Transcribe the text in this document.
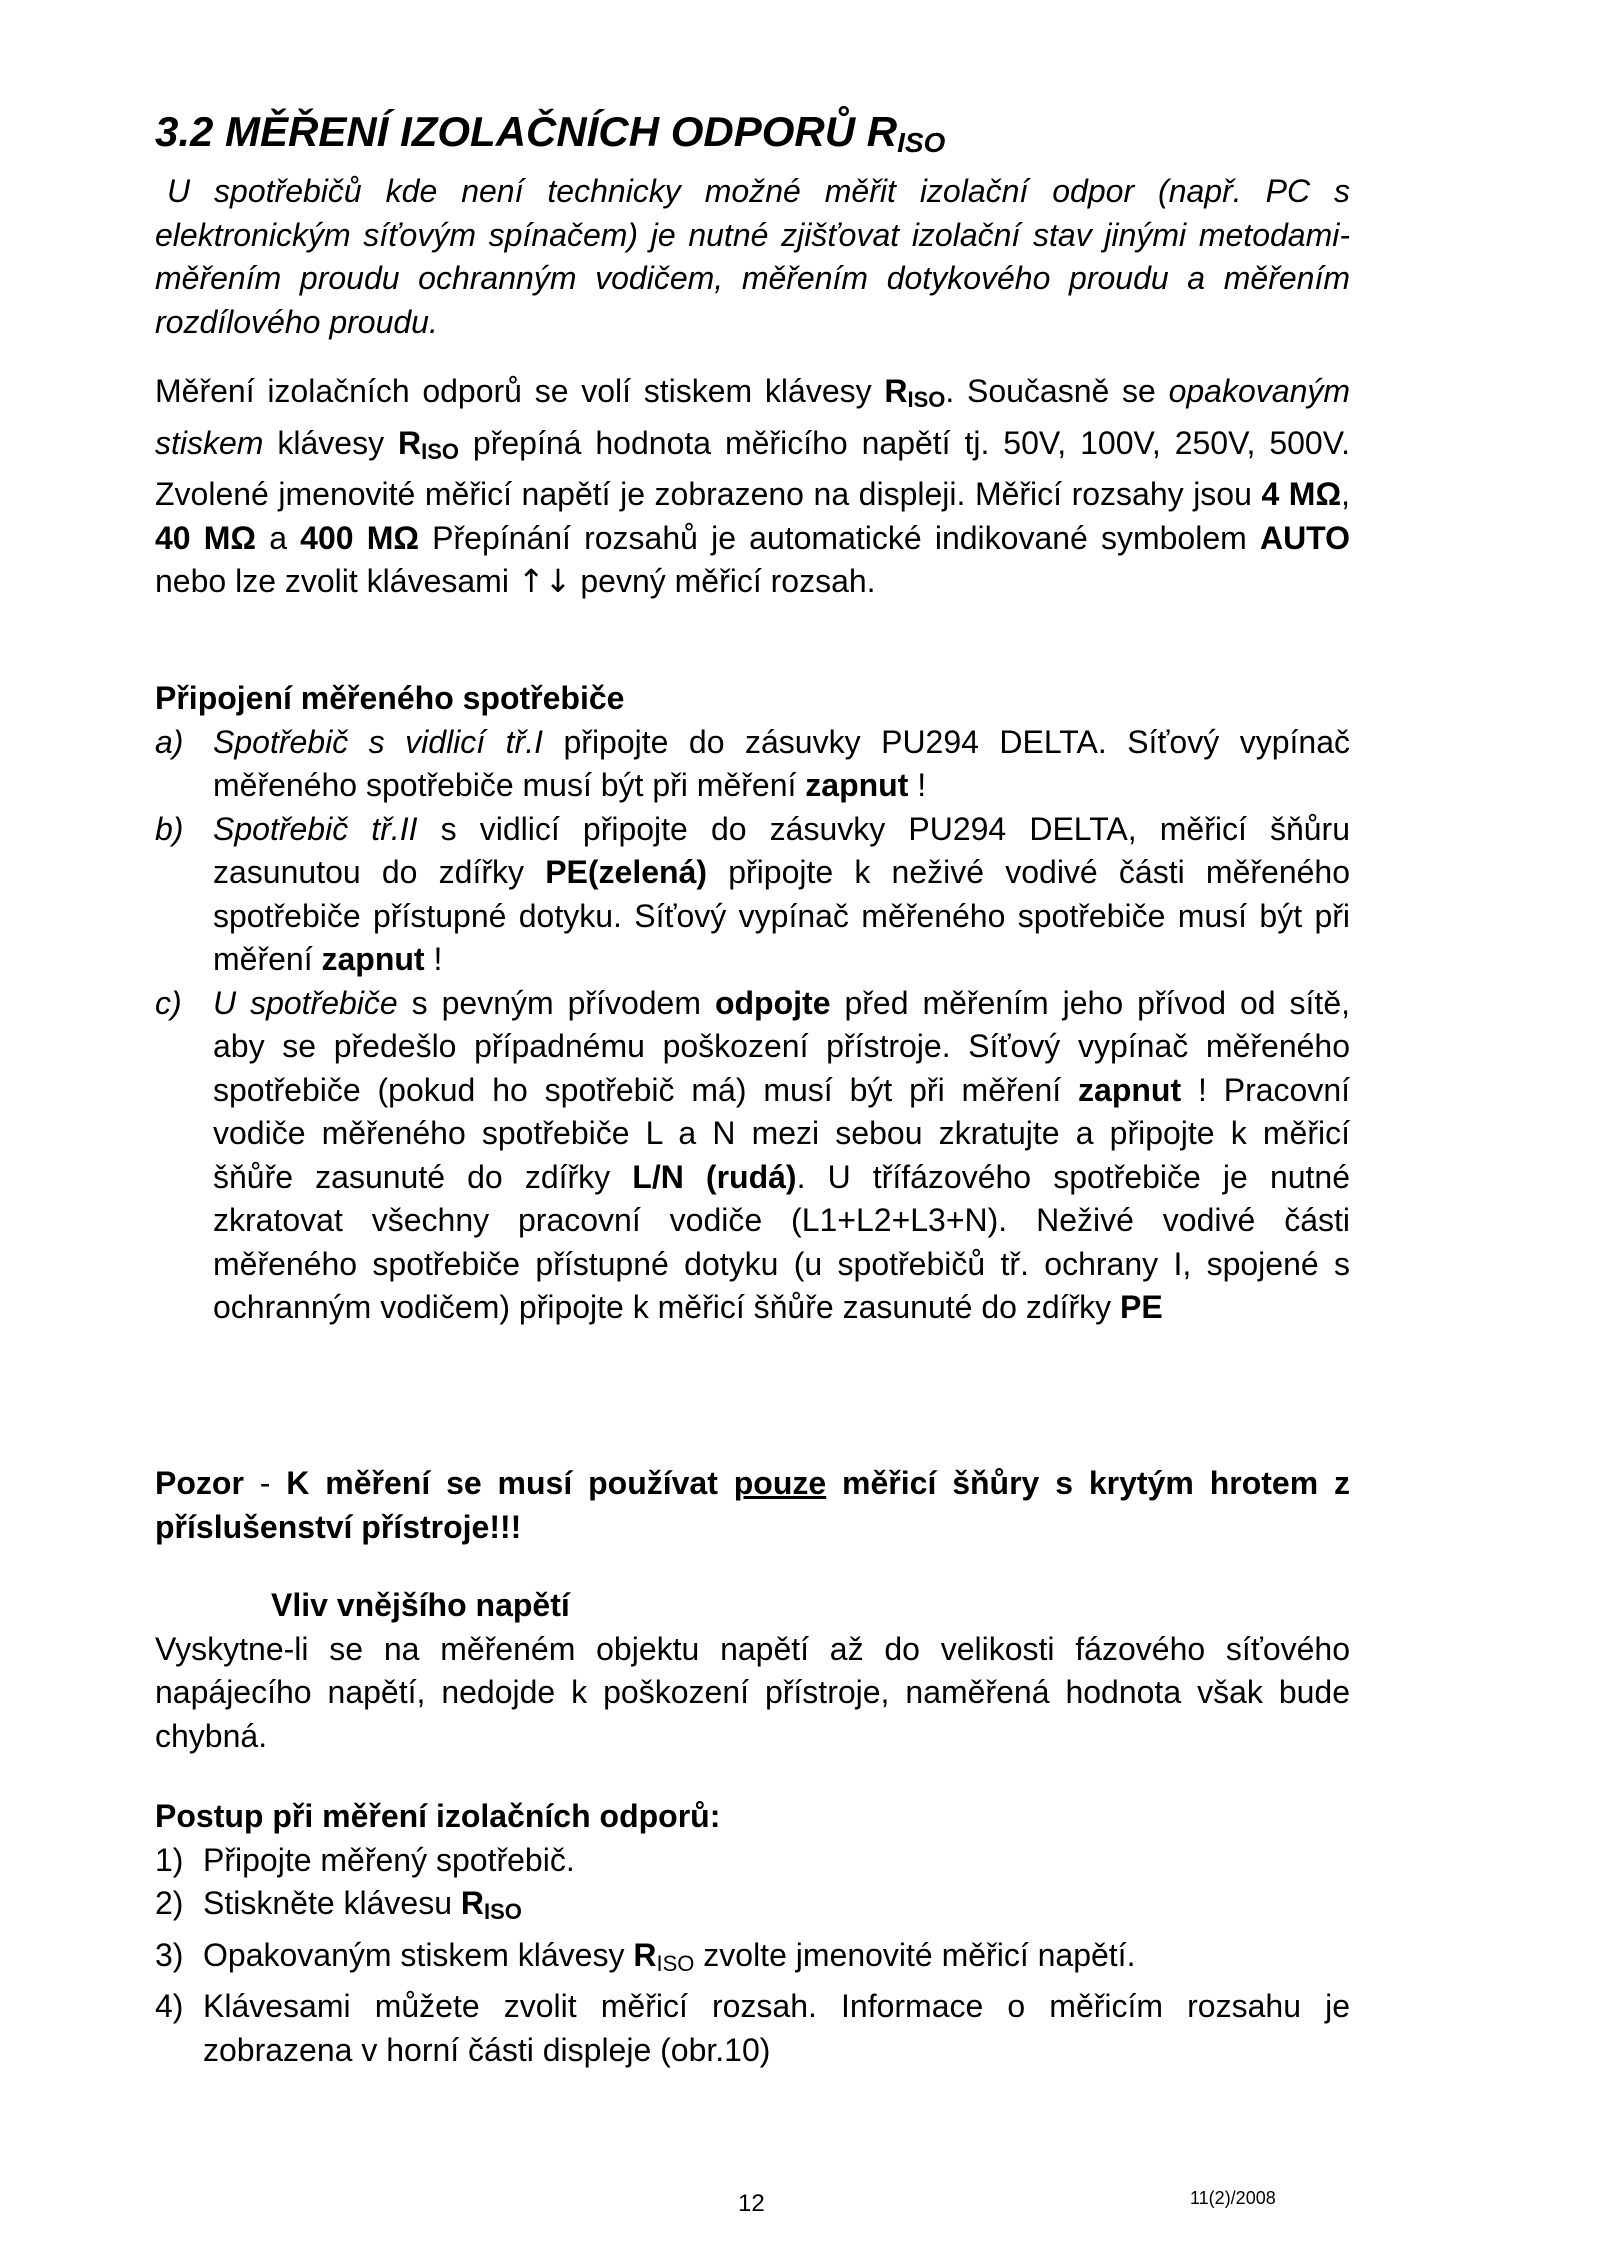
3.2 MĚŘENÍ IZOLAČNÍCH ODPORŮ $R_{ISO}$

U spotřebičů kde není technicky možné měřit izolační odpor (např. PC s elektronickým síťovým spínačem) je nutné zjišťovat izolační stav jinými metodami- měřením proudu ochranným vodičem, měřením dotykového proudu a měřením rozdílového proudu.

Měření izolačních odporů se volí stiskem klávesy $R_{ISO}$. Současně se opakovaným stiskem klávesy $R_{ISO}$ přepíná hodnota měřicího napětí tj. 50V, 100V, 250V, 500V. Zvolené jmenovité měřicí napětí je zobrazeno na displeji. Měřicí rozsahy jsou 4 MΩ, 40 MΩ a 400 MΩ Přepínání rozsahů je automatické indikované symbolem AUTO nebo lze zvolit klávesami ↑↓ pevný měřicí rozsah.

Připojení měřeného spotřebiče

a) Spotřebič s vidlicí tř.I připojte do zásuvky PU294 DELTA. Síťový vypínač měřeného spotřebiče musí být při měření zapnut !

b) Spotřebič tř.II s vidlicí připojte do zásuvky PU294 DELTA, měřicí šňůru zasunutou do zdířky PE(zelená) připojte k neživé vodivé části měřeného spotřebiče přístupné dotyku. Síťový vypínač měřeného spotřebiče musí být při měření zapnut !

c) U spotřebiče s pevným přívodem odpojte před měřením jeho přívod od sítě, aby se předešlo případnému poškození přístroje. Síťový vypínač měřeného spotřebiče (pokud ho spotřebič má) musí být při měření zapnut ! Pracovní vodiče měřeného spotřebiče L a N mezi sebou zkratujte a připojte k měřicí šňůře zasunuté do zdířky L/N (rudá). U třífázového spotřebiče je nutné zkratovat všechny pracovní vodiče (L1+L2+L3+N). Neživé vodivé části měřeného spotřebiče přístupné dotyku (u spotřebičů tř. ochrany I, spojené s ochranným vodičem) připojte k měřicí šňůře zasunuté do zdířky PE

Pozor - K měření se musí používat pouze měřicí šňůry s krytým hrotem z příslušenství přístroje!!!

Vliv vnějšího napětí

Vyskytne-li se na měřeném objektu napětí až do velikosti fázového síťového napájecího napětí, nedojde k poškození přístroje, naměřená hodnota však bude chybná.

Postup při měření izolačních odporů:

1) Připojte měřený spotřebič.

2) Stiskněte klávesu $R_{ISO}$

3) Opakovaným stiskem klávesy $R_{ISO}$ zvolte jmenovité měřicí napětí.

4) Klávesami můžete zvolit měřicí rozsah. Informace o měřicím rozsahu je zobrazena v horní části displeje (obr.10)

12	11(2)/2008
